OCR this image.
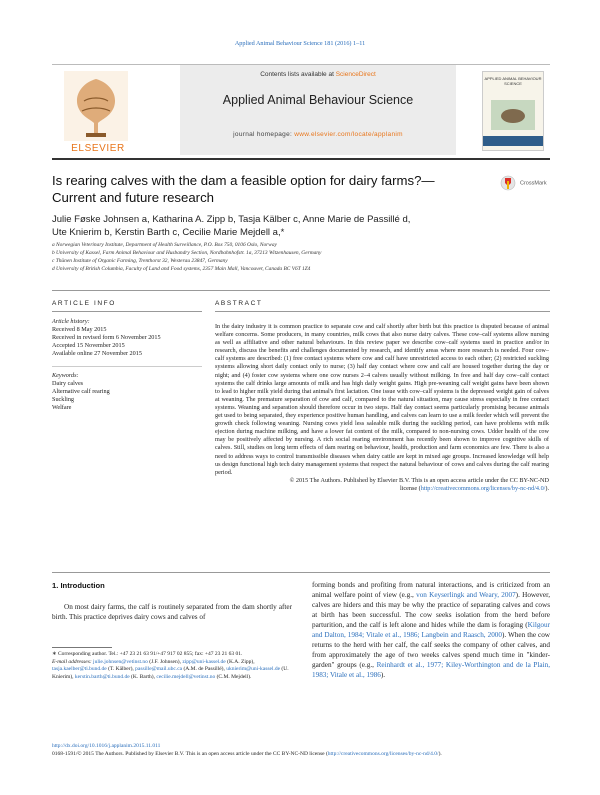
Applied Animal Behaviour Science 181 (2016) 1–11
ELSEVIER
Contents lists available at ScienceDirect
Applied Animal Behaviour Science
journal homepage: www.elsevier.com/locate/applanim
APPLIED ANIMAL BEHAVIOUR SCIENCE
Is rearing calves with the dam a feasible option for dairy farms?—Current and future research
CrossMark
Julie Føske Johnsen a, Katharina A. Zipp b, Tasja Kälber c, Anne Marie de Passillé d,
Ute Knierim b, Kerstin Barth c, Cecilie Marie Mejdell a,*
a Norwegian Veterinary Institute, Department of Health Surveillance, P.O. Box 750, 0106 Oslo, Norway
b University of Kassel, Farm Animal Behaviour and Husbandry Section, Nordbahnhofstr. 1a, 37213 Witzenhausen, Germany
c Thünen Institute of Organic Farming, Trenthorst 32, Westerau 23847, Germany
d University of British Columbia, Faculty of Land and Food systems, 2357 Main Mall, Vancouver, Canada BC V6T 1Z4
ARTICLE INFO
Article history:
Received 8 May 2015
Received in revised form 6 November 2015
Accepted 15 November 2015
Available online 27 November 2015
Keywords:
Dairy calves
Alternative calf rearing
Suckling
Welfare
ABSTRACT
In the dairy industry it is common practice to separate cow and calf shortly after birth but this practice is disputed because of animal welfare concerns. Some producers, in many countries, milk cows that also nurse dairy calves. These cow–calf systems allow nursing as well as affiliative and other natural behaviours. In this review paper we describe cow–calf systems used in practice and/or in research, discuss the benefits and challenges documented by research, and identify areas where more research is needed. Four cow–calf systems are described: (1) free contact systems where cow and calf have unrestricted access to each other; (2) restricted suckling systems allowing short daily contact only to nurse; (3) half day contact where cow and calf are housed together during the day or night; and (4) foster cow systems where one cow nurses 2–4 calves usually without milking. In free and half day cow–calf contact systems the calf drinks large amounts of milk and has high daily weight gains. High pre-weaning calf weight gains have been shown to lead to higher milk yield during that animal's first lactation. One issue with cow–calf systems is the depressed weight gain of calves at weaning. The premature separation of cow and calf, compared to the natural situation, may cause stress especially in free contact systems. Weaning and separation should therefore occur in two steps. Half day contact seems particularly promising because animals get used to being separated, they experience positive human handling, and calves can learn to use a milk feeder which will prevent the growth check following weaning. Nursing cows yield less saleable milk during the suckling period, can have problems with milk ejection during machine milking, and have a lower fat content of the milk, compared to non-nursing cows. Udder health of the cow may be positively affected by nursing. A rich social rearing environment has recently been shown to improve cognitive skills of calves. Still, studies on long term effects of dam rearing on behaviour, health, production and farm economics are few. There is also a need to address ways to control transmissible diseases when dairy cattle are kept in mixed age groups. Increased knowledge will help us design functional high tech dairy management systems that respect the natural behaviour of cows and calves during the calf rearing period.
© 2015 The Authors. Published by Elsevier B.V. This is an open access article under the CC BY-NC-ND
license (http://creativecommons.org/licenses/by-nc-nd/4.0/).
1. Introduction
On most dairy farms, the calf is routinely separated from the dam shortly after birth. This practice deprives dairy cows and calves of
forming bonds and profiting from natural interactions, and is criticized from an animal welfare point of view (e.g., von Keyserlingk and Weary, 2007). However, calves are hiders and this may be why the practice of separating calves and cows at birth has been successful. The cow seeks isolation from the herd before parturition, and the calf is left alone and hides while the dam is foraging (Kilgour and Dalton, 1984; Vitale et al., 1986; Langbein and Raasch, 2000). When the cow returns to the herd with her calf, the calf seeks the company of other calves, and from approximately the age of two weeks calves spend much time in "kinder-garden" groups (e.g., Reinhardt et al., 1977; Kiley-Worthington and de la Plain, 1983; Vitale et al., 1986).
∗ Corresponding author. Tel.: +47 23 21 63 91/+47 917 02 855; fax: +47 23 21 63 01.
E-mail addresses: julie.johnsen@vetinst.no (J.F. Johnsen), zipp@uni-kassel.de (K.A. Zipp), tasja.kaelber@ti.bund.de (T. Kälber), passille@mail.ubc.ca (A.M. de Passillé), uknierim@uni-kassel.de (U. Knierim), kerstin.barth@ti.bund.de (K. Barth), cecilie.mejdell@vetinst.no (C.M. Mejdell).
http://dx.doi.org/10.1016/j.applanim.2015.11.011
0168-1591/© 2015 The Authors. Published by Elsevier B.V. This is an open access article under the CC BY-NC-ND license (http://creativecommons.org/licenses/by-nc-nd/4.0/).
